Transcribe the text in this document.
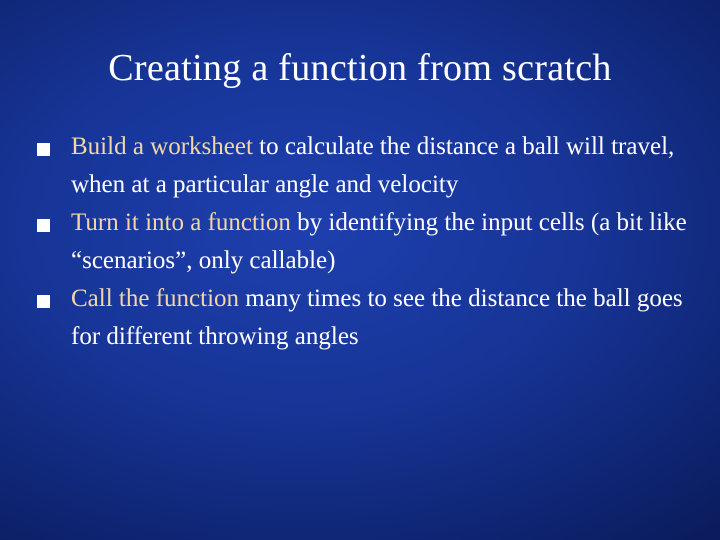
Creating a function from scratch
Build a worksheet to calculate the distance a ball will travel, when at a particular angle and velocity
Turn it into a function by identifying the input cells (a bit like “scenarios”, only callable)
Call the function many times to see the distance the ball goes for different throwing angles
